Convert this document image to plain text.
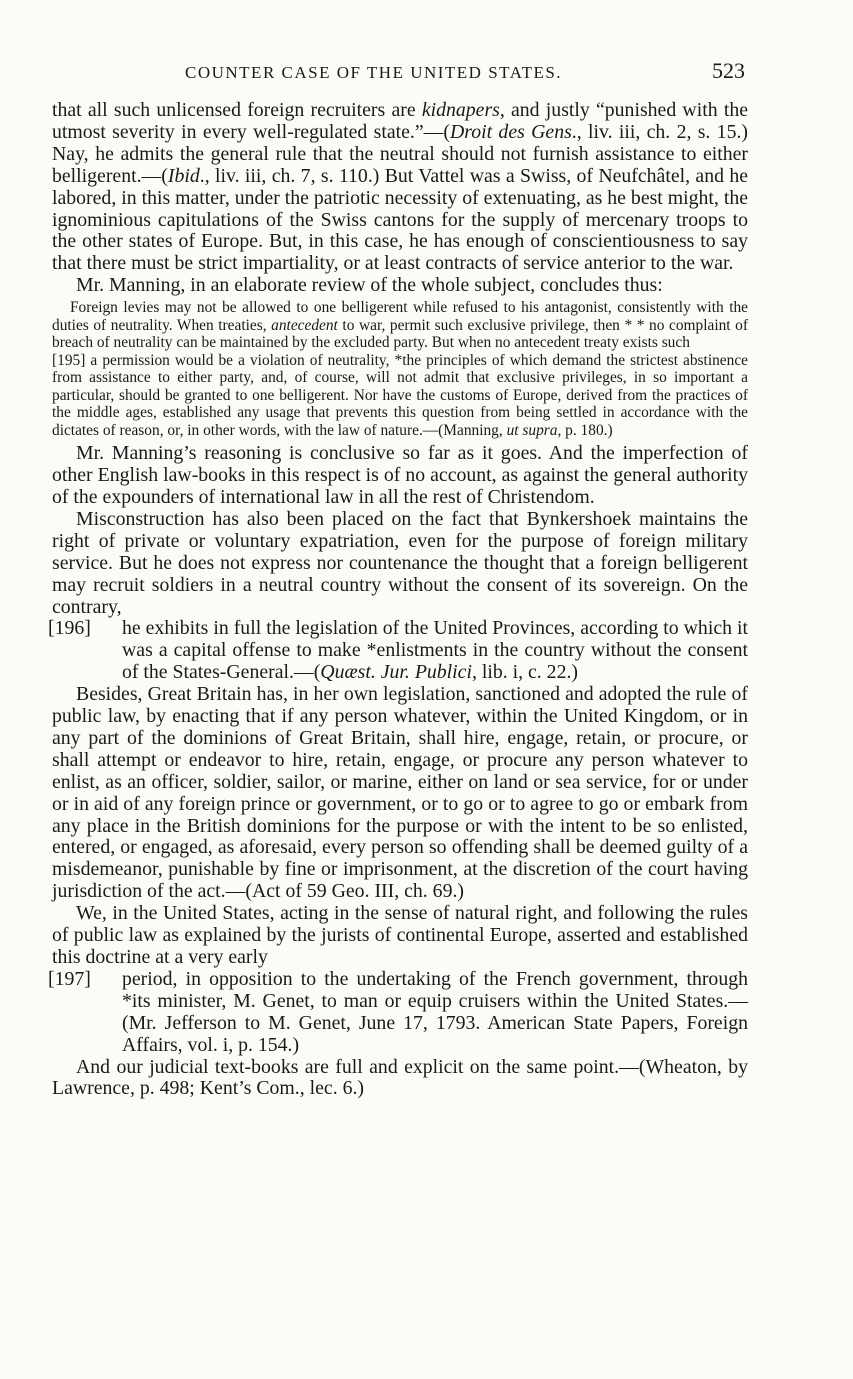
COUNTER CASE OF THE UNITED STATES.	523

that all such unlicensed foreign recruiters are kidnapers, and justly “punished with the utmost severity in every well-regulated state.”—(Droit des Gens., liv. iii, ch. 2, s. 15.) Nay, he admits the general rule that the neutral should not furnish assistance to either belligerent.—(Ibid., liv. iii, ch. 7, s. 110.) But Vattel was a Swiss, of Neufchâtel, and he labored, in this matter, under the patriotic necessity of extenuating, as he best might, the ignominious capitulations of the Swiss cantons for the supply of mercenary troops to the other states of Europe. But, in this case, he has enough of conscientiousness to say that there must be strict impartiality, or at least contracts of service anterior to the war.

Mr. Manning, in an elaborate review of the whole subject, concludes thus:

Foreign levies may not be allowed to one belligerent while refused to his antagonist, consistently with the duties of neutrality. When treaties, antecedent to war, permit such exclusive privilege, then * * no complaint of breach of neutrality can be maintained by the excluded party. But when no antecedent treaty exists such

[195] a permission would be a violation of neutrality, *the principles of which demand the strictest abstinence from assistance to either party, and, of course, will not admit that exclusive privileges, in so important a particular, should be granted to one belligerent. Nor have the customs of Europe, derived from the practices of the middle ages, established any usage that prevents this question from being settled in accordance with the dictates of reason, or, in other words, with the law of nature.—(Manning, ut supra, p. 180.)

Mr. Manning’s reasoning is conclusive so far as it goes. And the imperfection of other English law-books in this respect is of no account, as against the general authority of the expounders of international law in all the rest of Christendom.

Misconstruction has also been placed on the fact that Bynkershoek maintains the right of private or voluntary expatriation, even for the purpose of foreign military service. But he does not express nor countenance the thought that a foreign belligerent may recruit soldiers in a neutral country without the consent of its sovereign. On the contrary,

[196] he exhibits in full the legislation of the United Provinces, according to which it was a capital offense to make *enlistments in the country without the consent of the States-General.—(Quæst. Jur. Publici, lib. i, c. 22.)

Besides, Great Britain has, in her own legislation, sanctioned and adopted the rule of public law, by enacting that if any person whatever, within the United Kingdom, or in any part of the dominions of Great Britain, shall hire, engage, retain, or procure, or shall attempt or endeavor to hire, retain, engage, or procure any person whatever to enlist, as an officer, soldier, sailor, or marine, either on land or sea service, for or under or in aid of any foreign prince or government, or to go or to agree to go or embark from any place in the British dominions for the purpose or with the intent to be so enlisted, entered, or engaged, as aforesaid, every person so offending shall be deemed guilty of a misdemeanor, punishable by fine or imprisonment, at the discretion of the court having jurisdiction of the act.—(Act of 59 Geo. III, ch. 69.)

We, in the United States, acting in the sense of natural right, and following the rules of public law as explained by the jurists of continental Europe, asserted and established this doctrine at a very early

[197] period, in opposition to the undertaking of the French government, through *its minister, M. Genet, to man or equip cruisers within the United States.—(Mr. Jefferson to M. Genet, June 17, 1793. American State Papers, Foreign Affairs, vol. i, p. 154.)

And our judicial text-books are full and explicit on the same point.—(Wheaton, by Lawrence, p. 498; Kent’s Com., lec. 6.)
